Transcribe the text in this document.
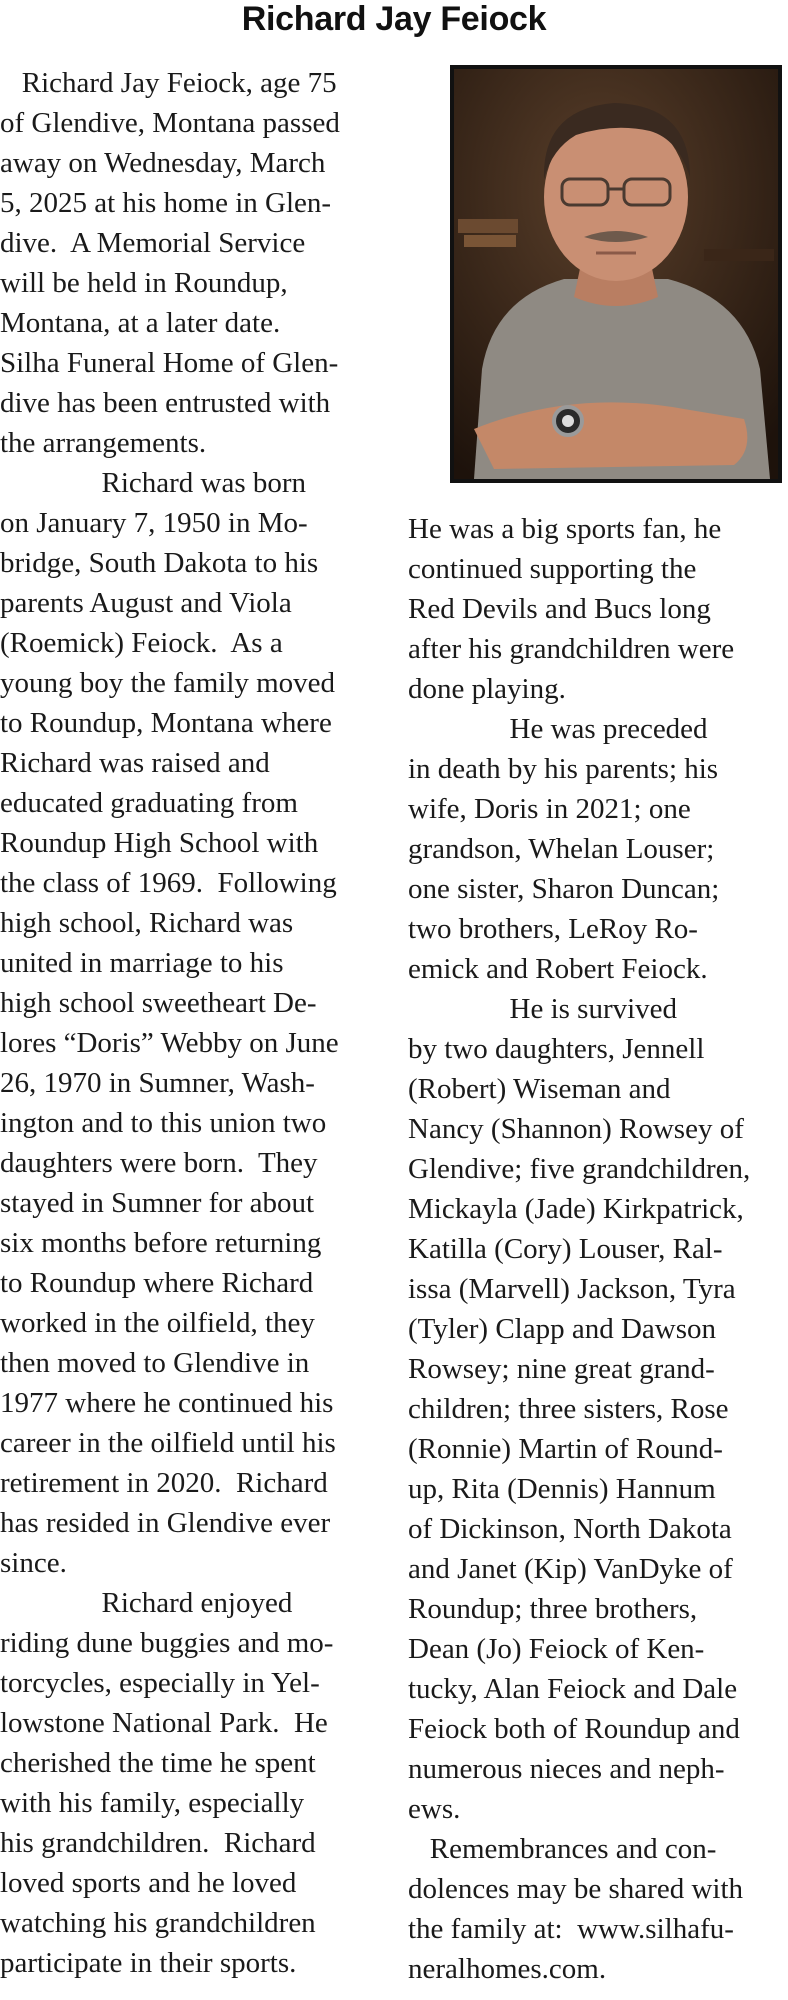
Richard Jay Feiock

Richard Jay Feiock, age 75
of Glendive, Montana passed
away on Wednesday, March
5, 2025 at his home in Glen-
dive.  A Memorial Service
will be held in Roundup,
Montana, at a later date.
Silha Funeral Home of Glen-
dive has been entrusted with
the arrangements.

Richard was born
on January 7, 1950 in Mo-
bridge, South Dakota to his
parents August and Viola
(Roemick) Feiock.  As a
young boy the family moved
to Roundup, Montana where
Richard was raised and
educated graduating from
Roundup High School with
the class of 1969.  Following
high school, Richard was
united in marriage to his
high school sweetheart De-
lores “Doris” Webby on June
26, 1970 in Sumner, Wash-
ington and to this union two
daughters were born.  They
stayed in Sumner for about
six months before returning
to Roundup where Richard
worked in the oilfield, they
then moved to Glendive in
1977 where he continued his
career in the oilfield until his
retirement in 2020.  Richard
has resided in Glendive ever
since.

Richard enjoyed
riding dune buggies and mo-
torcycles, especially in Yel-
lowstone National Park.  He
cherished the time he spent
with his family, especially
his grandchildren.  Richard
loved sports and he loved
watching his grandchildren
participate in their sports.

He was a big sports fan, he
continued supporting the
Red Devils and Bucs long
after his grandchildren were
done playing.

He was preceded
in death by his parents; his
wife, Doris in 2021; one
grandson, Whelan Louser;
one sister, Sharon Duncan;
two brothers, LeRoy Ro-
emick and Robert Feiock.

He is survived
by two daughters, Jennell
(Robert) Wiseman and
Nancy (Shannon) Rowsey of
Glendive; five grandchildren,
Mickayla (Jade) Kirkpatrick,
Katilla (Cory) Louser, Ral-
issa (Marvell) Jackson, Tyra
(Tyler) Clapp and Dawson
Rowsey; nine great grand-
children; three sisters, Rose
(Ronnie) Martin of Round-
up, Rita (Dennis) Hannum
of Dickinson, North Dakota
and Janet (Kip) VanDyke of
Roundup; three brothers,
Dean (Jo) Feiock of Ken-
tucky, Alan Feiock and Dale
Feiock both of Roundup and
numerous nieces and neph-
ews.

Remembrances and con-
dolences may be shared with
the family at:  www.silhafu-
neralhomes.com.
